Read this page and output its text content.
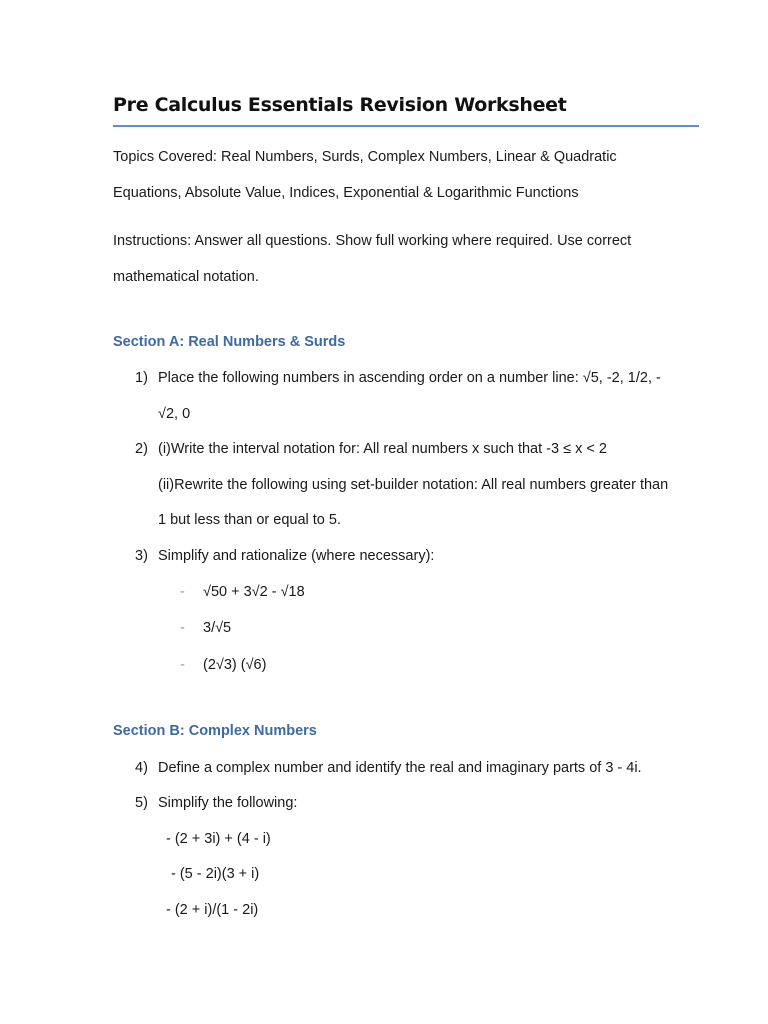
Pre Calculus Essentials Revision Worksheet
Topics Covered: Real Numbers, Surds, Complex Numbers, Linear & Quadratic
Equations, Absolute Value, Indices, Exponential & Logarithmic Functions
Instructions: Answer all questions. Show full working where required. Use correct
mathematical notation.
Section A: Real Numbers & Surds
1) Place the following numbers in ascending order on a number line: √5, -2, 1/2, -
√2, 0
2) (i)Write the interval notation for: All real numbers x such that -3 ≤ x < 2
(ii)Rewrite the following using set-builder notation: All real numbers greater than
1 but less than or equal to 5.
3) Simplify and rationalize (where necessary):
- √50 + 3√2 - √18
- 3/√5
- (2√3) (√6)
Section B: Complex Numbers
4) Define a complex number and identify the real and imaginary parts of 3 - 4i.
5) Simplify the following:
- (2 + 3i) + (4 - i)
- (5 - 2i)(3 + i)
- (2 + i)/(1 - 2i)
